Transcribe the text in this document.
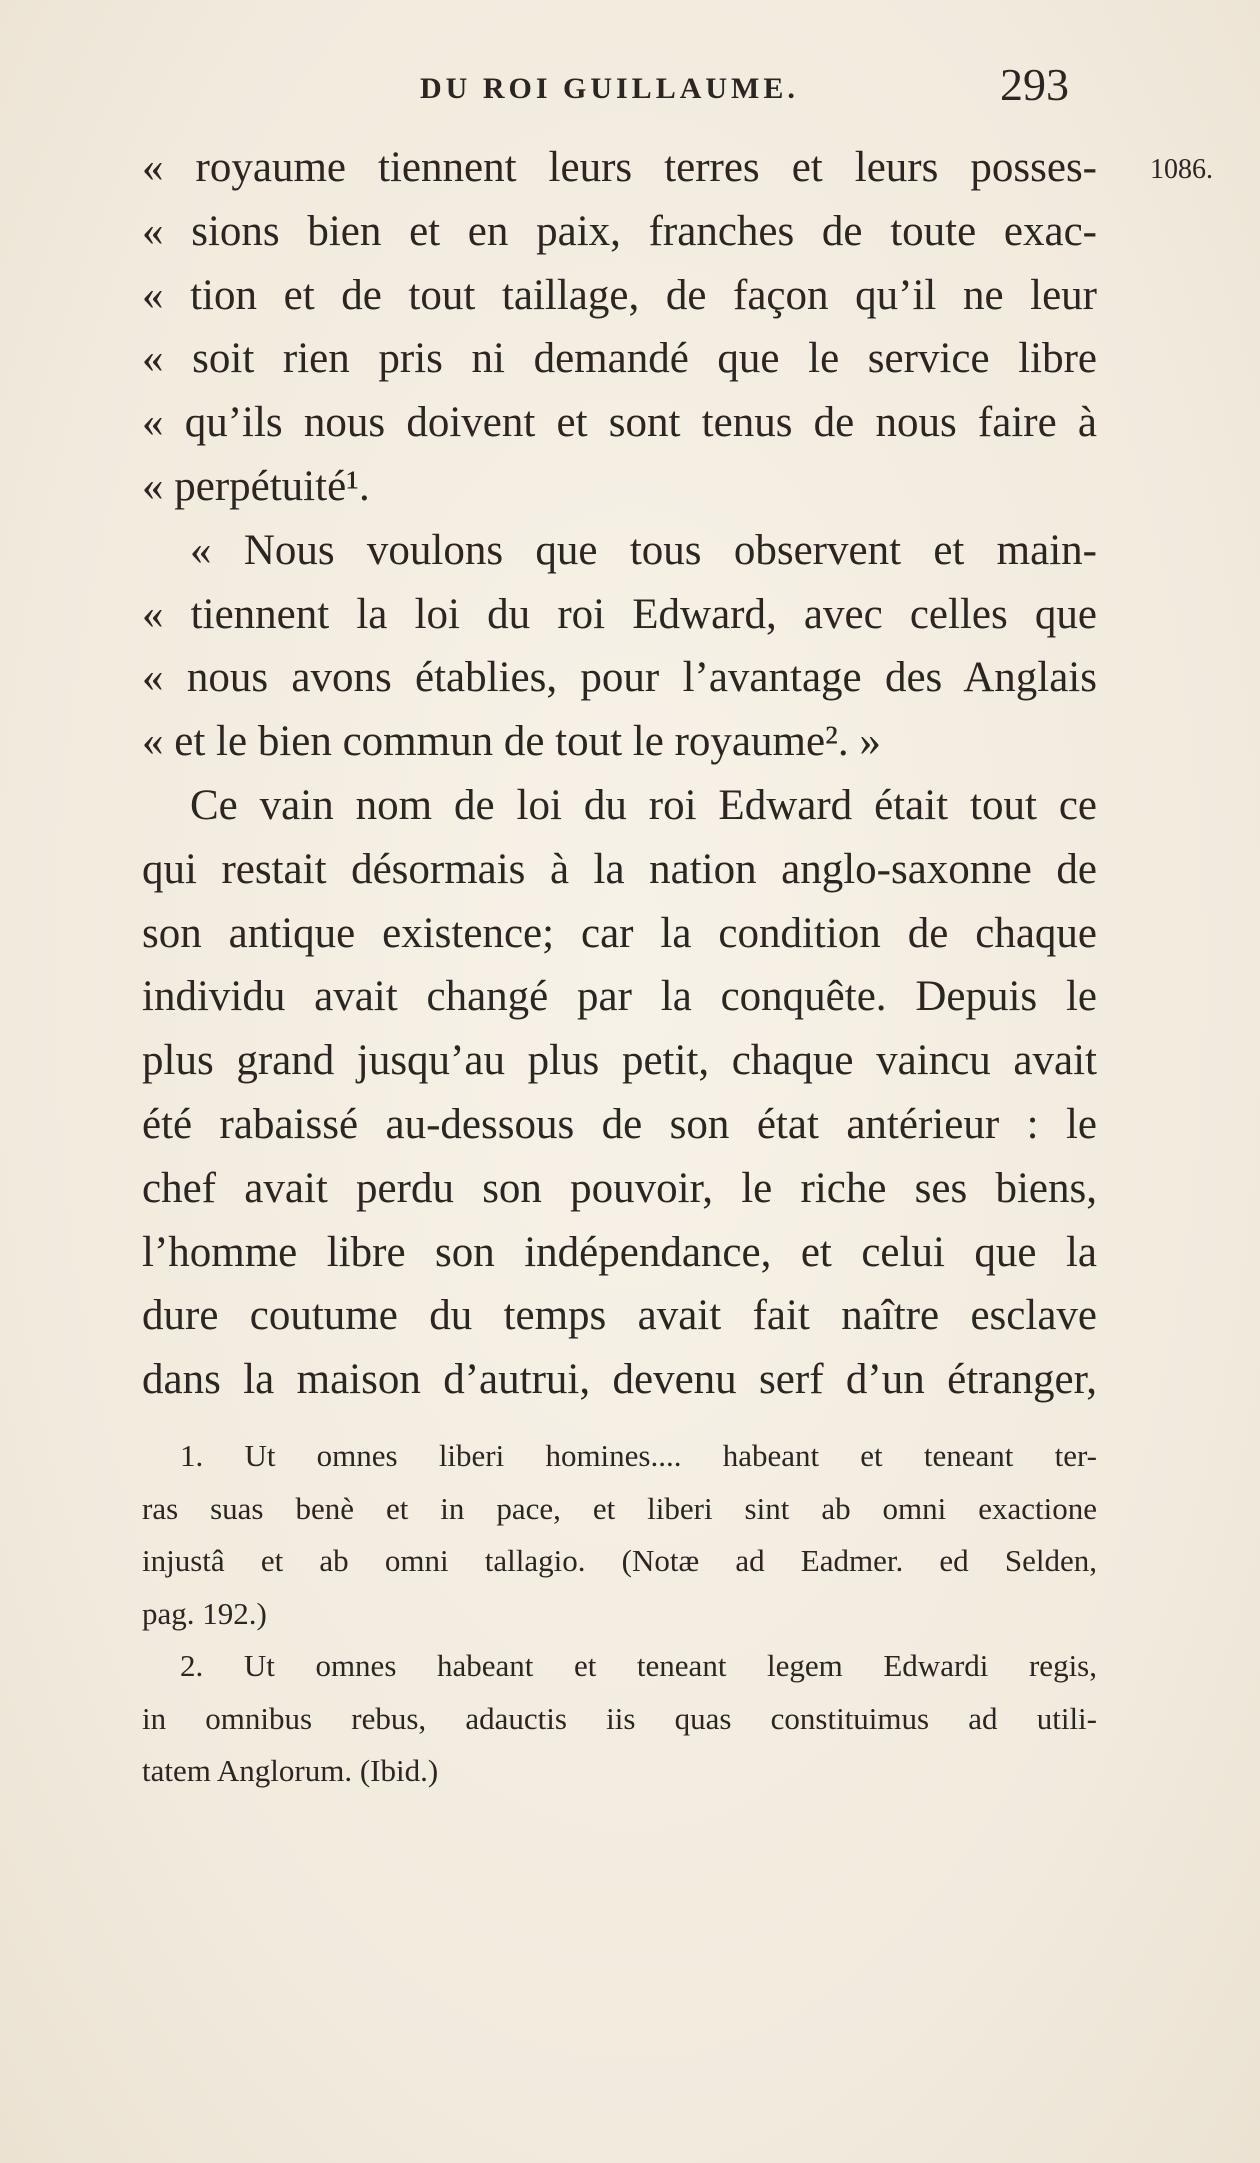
DU ROI GUILLAUME.	293
1086.
« royaume tiennent leurs terres et leurs posses-
« sions bien et en paix, franches de toute exac-
« tion et de tout taillage, de façon qu’il ne leur
« soit rien pris ni demandé que le service libre
« qu’ils nous doivent et sont tenus de nous faire à
« perpétuité¹.
« Nous voulons que tous observent et main-
« tiennent la loi du roi Edward, avec celles que
« nous avons établies, pour l’avantage des Anglais
« et le bien commun de tout le royaume². »
Ce vain nom de loi du roi Edward était tout ce
qui restait désormais à la nation anglo-saxonne de
son antique existence; car la condition de chaque
individu avait changé par la conquête. Depuis le
plus grand jusqu’au plus petit, chaque vaincu avait
été rabaissé au-dessous de son état antérieur : le
chef avait perdu son pouvoir, le riche ses biens,
l’homme libre son indépendance, et celui que la
dure coutume du temps avait fait naître esclave
dans la maison d’autrui, devenu serf d’un étranger,
1. Ut omnes liberi homines.... habeant et teneant ter-
ras suas benè et in pace, et liberi sint ab omni exactione
injustâ et ab omni tallagio. (Notæ ad Eadmer. ed Selden,
pag. 192.)
2. Ut omnes habeant et teneant legem Edwardi regis,
in omnibus rebus, adauctis iis quas constituimus ad utili-
tatem Anglorum. (Ibid.)
